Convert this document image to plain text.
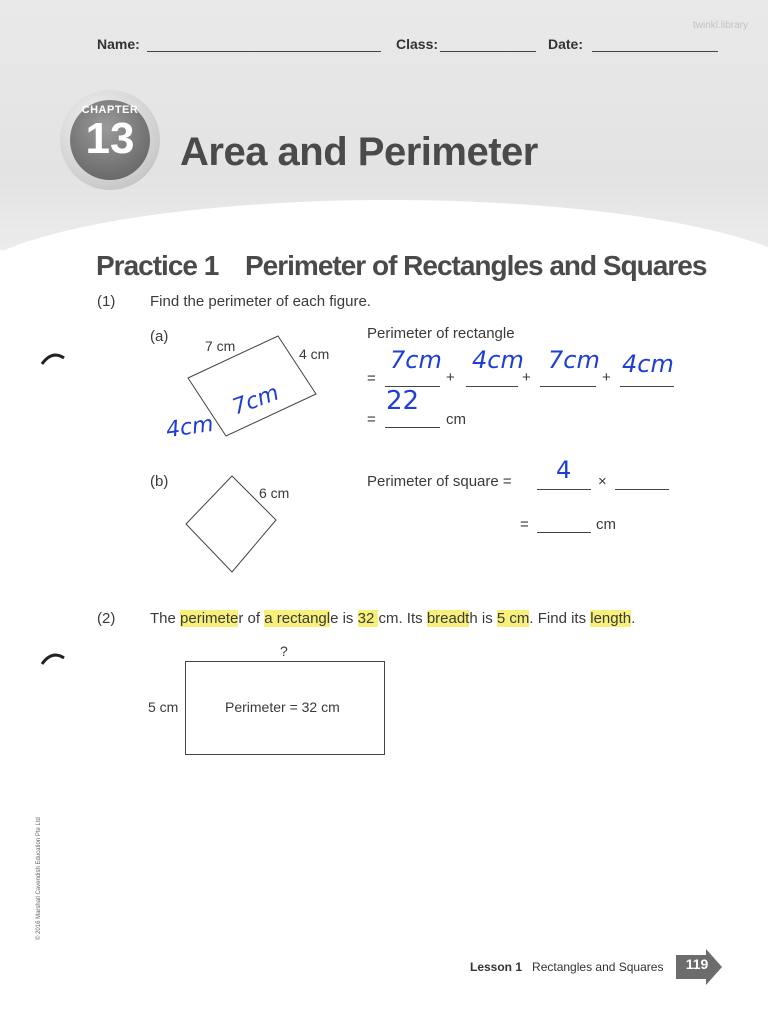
twinkl.library
Name:	Class:	Date:
CHAPTER
13 Area and Perimeter
Practice 1 Perimeter of Rectangles and Squares
(1) Find the perimeter of each figure.
(a)
7 cm	4 cm
4cm
7cm
Perimeter of rectangle
=	+	+	+
7cm 4cm 7cm 4cm
=
22
cm
(b)
6 cm
Perimeter of square = 4 ×
=	cm
(2) The perimeter of a rectangle is 32 cm. Its breadth is 5 cm. Find its length.
?
5 cm	Perimeter = 32 cm
© 2016 Marshall Cavendish Education Pte Ltd
Lesson 1 Rectangles and Squares	119
